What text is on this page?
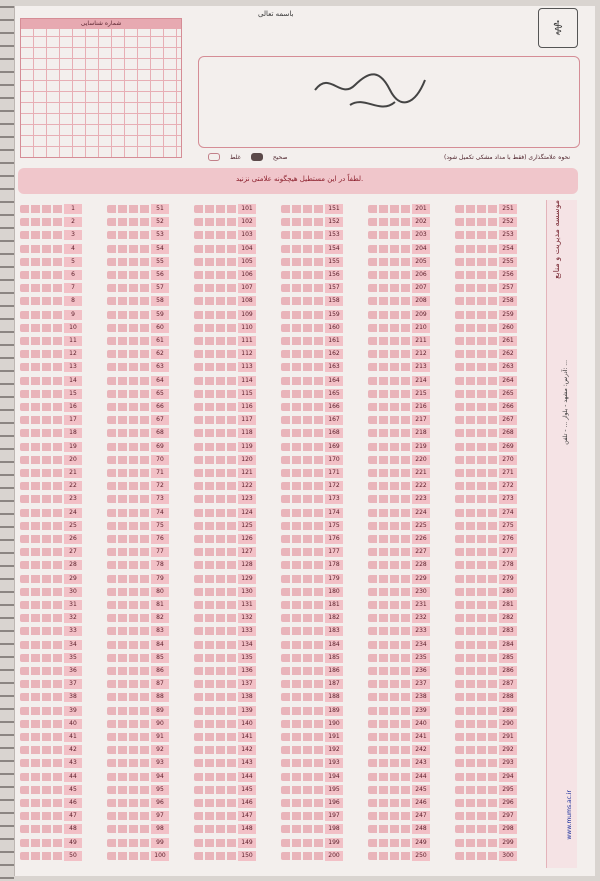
باسمه تعالی
شماره شناسایی	⚕
غلط	صحیح	نحوه علامتگذاری (فقط با مداد مشکی تکمیل شود)
لطفاً در این مستطیل هیچگونه علامتی نزنید.
1
2
3
4
5
6
7
8
9
10
11
12
13
14
15
16
17
18
19
20
21
22
23
24
25
26
27
28
29
30
31
32
33
34
35
36
37
38
39
40
41
42
43
44
45
46
47
48
49
50
51
52
53
54
55
56
57
58
59
60
61
62
63
64
65
66
67
68
69
70
71
72
73
74
75
76
77
78
79
80
81
82
83
84
85
86
87
88
89
90
91
92
93
94
95
96
97
98
99
100
101
102
103
104
105
106
107
108
109
110
111
112
113
114
115
116
117
118
119
120
121
122
123
124
125
126
127
128
129
130
131
132
133
134
135
136
137
138
139
140
141
142
143
144
145
146
147
148
149
150
151
152
153
154
155
156
157
158
159
160
161
162
163
164
165
166
167
168
169
170
171
172
173
174
175
176
177
178
179
180
181
182
183
184
185
186
187
188
189
190
191
192
193
194
195
196
197
198
199
200
201
202
203
204
205
206
207
208
209
210
211
212
213
214
215
216
217
218
219
220
221
222
223
224
225
226
227
228
229
230
231
232
233
234
235
236
237
238
239
240
241
242
243
244
245
246
247
248
249
250
251
252
253
254
255
256
257
258
259
260
261
262
263
264
265
266
267
268
269
270
271
272
273
274
275
276
277
278
279
280
281
282
283
284
285
286
287
288
289
290
291
292
293
294
295
296
297
298
299
300
موسسه مدیریت و منابع
آدرس: مشهد - بلوار ... - تلفن: ...
www.mums.ac.ir
